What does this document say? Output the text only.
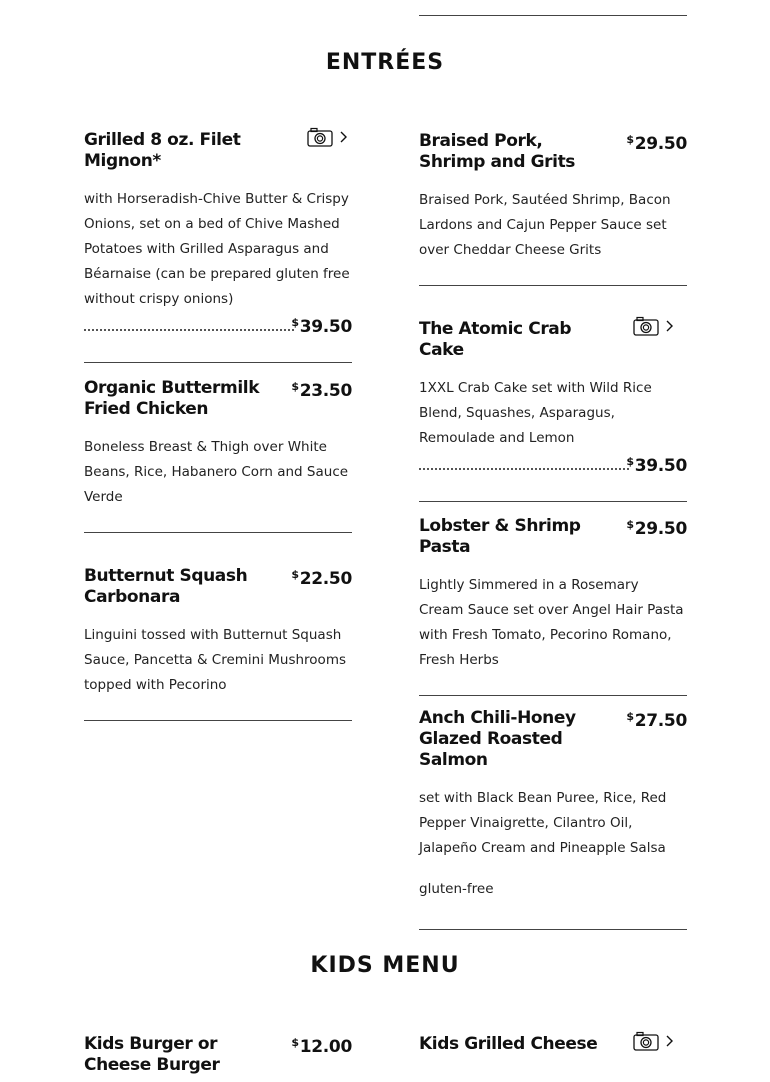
ENTRÉES
Grilled 8 oz. Filet Mignon*
with Horseradish-Chive Butter & Crispy Onions, set on a bed of Chive Mashed Potatoes with Grilled Asparagus and Béarnaise (can be prepared gluten free without crispy onions)
$39.50
Organic Buttermilk Fried Chicken
$23.50
Boneless Breast & Thigh over White Beans, Rice, Habanero Corn and Sauce Verde
Butternut Squash Carbonara
$22.50
Linguini tossed with Butternut Squash Sauce, Pancetta & Cremini Mushrooms topped with Pecorino
Braised Pork, Shrimp and Grits
$29.50
Braised Pork, Sautéed Shrimp, Bacon Lardons and Cajun Pepper Sauce set over Cheddar Cheese Grits
The Atomic Crab Cake
1XXL Crab Cake set with Wild Rice Blend, Squashes, Asparagus, Remoulade and Lemon
$39.50
Lobster & Shrimp Pasta
$29.50
Lightly Simmered in a Rosemary Cream Sauce set over Angel Hair Pasta with Fresh Tomato, Pecorino Romano, Fresh Herbs
Anch Chili-Honey Glazed Roasted Salmon
$27.50
set with Black Bean Puree, Rice, Red Pepper Vinaigrette, Cilantro Oil, Jalapeño Cream and Pineapple Salsa
gluten-free
KIDS MENU
Kids Burger or Cheese Burger
$12.00	Kids Grilled Cheese
